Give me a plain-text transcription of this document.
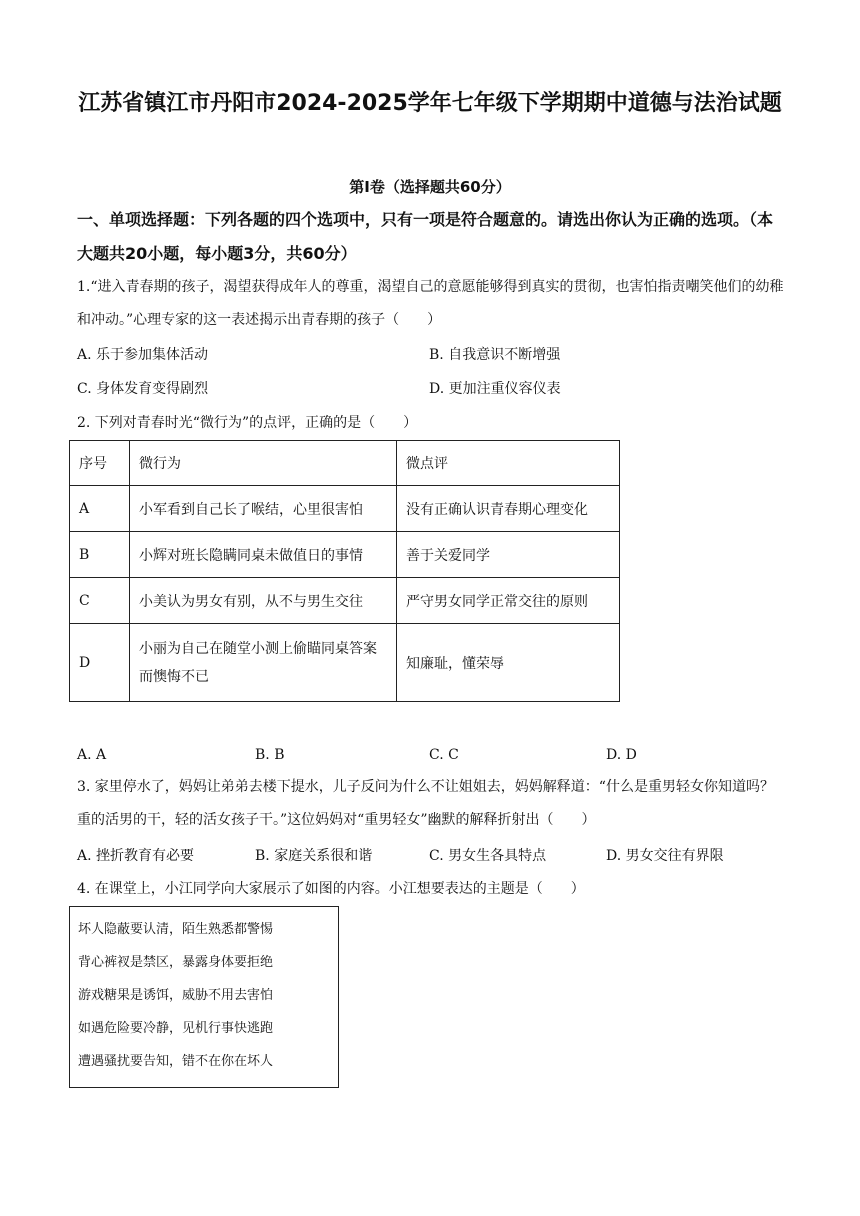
江苏省镇江市丹阳市2024-2025学年七年级下学期期中道德与法治试题
第Ⅰ卷（选择题共60分）
一、单项选择题：下列各题的四个选项中，只有一项是符合题意的。请选出你认为正确的选项。（本大题共20小题，每小题3分，共60分）
1.“进入青春期的孩子，渴望获得成年人的尊重，渴望自己的意愿能够得到真实的贯彻，也害怕指责嘲笑他们的幼稚和冲动。”心理专家的这一表述揭示出青春期的孩子（　　）
A. 乐于参加集体活动	B. 自我意识不断增强
C. 身体发育变得剧烈	D. 更加注重仪容仪表
2. 下列对青春时光“微行为”的点评，正确的是（　　）
序号	微行为	微点评
A	小军看到自己长了喉结，心里很害怕	没有正确认识青春期心理变化
B	小辉对班长隐瞒同桌未做值日的事情	善于关爱同学
C	小美认为男女有别，从不与男生交往	严守男女同学正常交往的原则
D	小丽为自己在随堂小测上偷瞄同桌答案而懊悔不已	知廉耻，懂荣辱
A. A	B. B	C. C	D. D
3. 家里停水了，妈妈让弟弟去楼下提水，儿子反问为什么不让姐姐去，妈妈解释道：“什么是重男轻女你知道吗？重的活男的干，轻的活女孩子干。”这位妈妈对“重男轻女”幽默的解释折射出（　　）
A. 挫折教育有必要	B. 家庭关系很和谐	C. 男女生各具特点	D. 男女交往有界限
4. 在课堂上，小江同学向大家展示了如图的内容。小江想要表达的主题是（　　）
坏人隐蔽要认清，陌生熟悉都警惕
背心裤衩是禁区，暴露身体要拒绝
游戏糖果是诱饵，威胁不用去害怕
如遇危险要冷静，见机行事快逃跑
遭遇骚扰要告知，错不在你在坏人
